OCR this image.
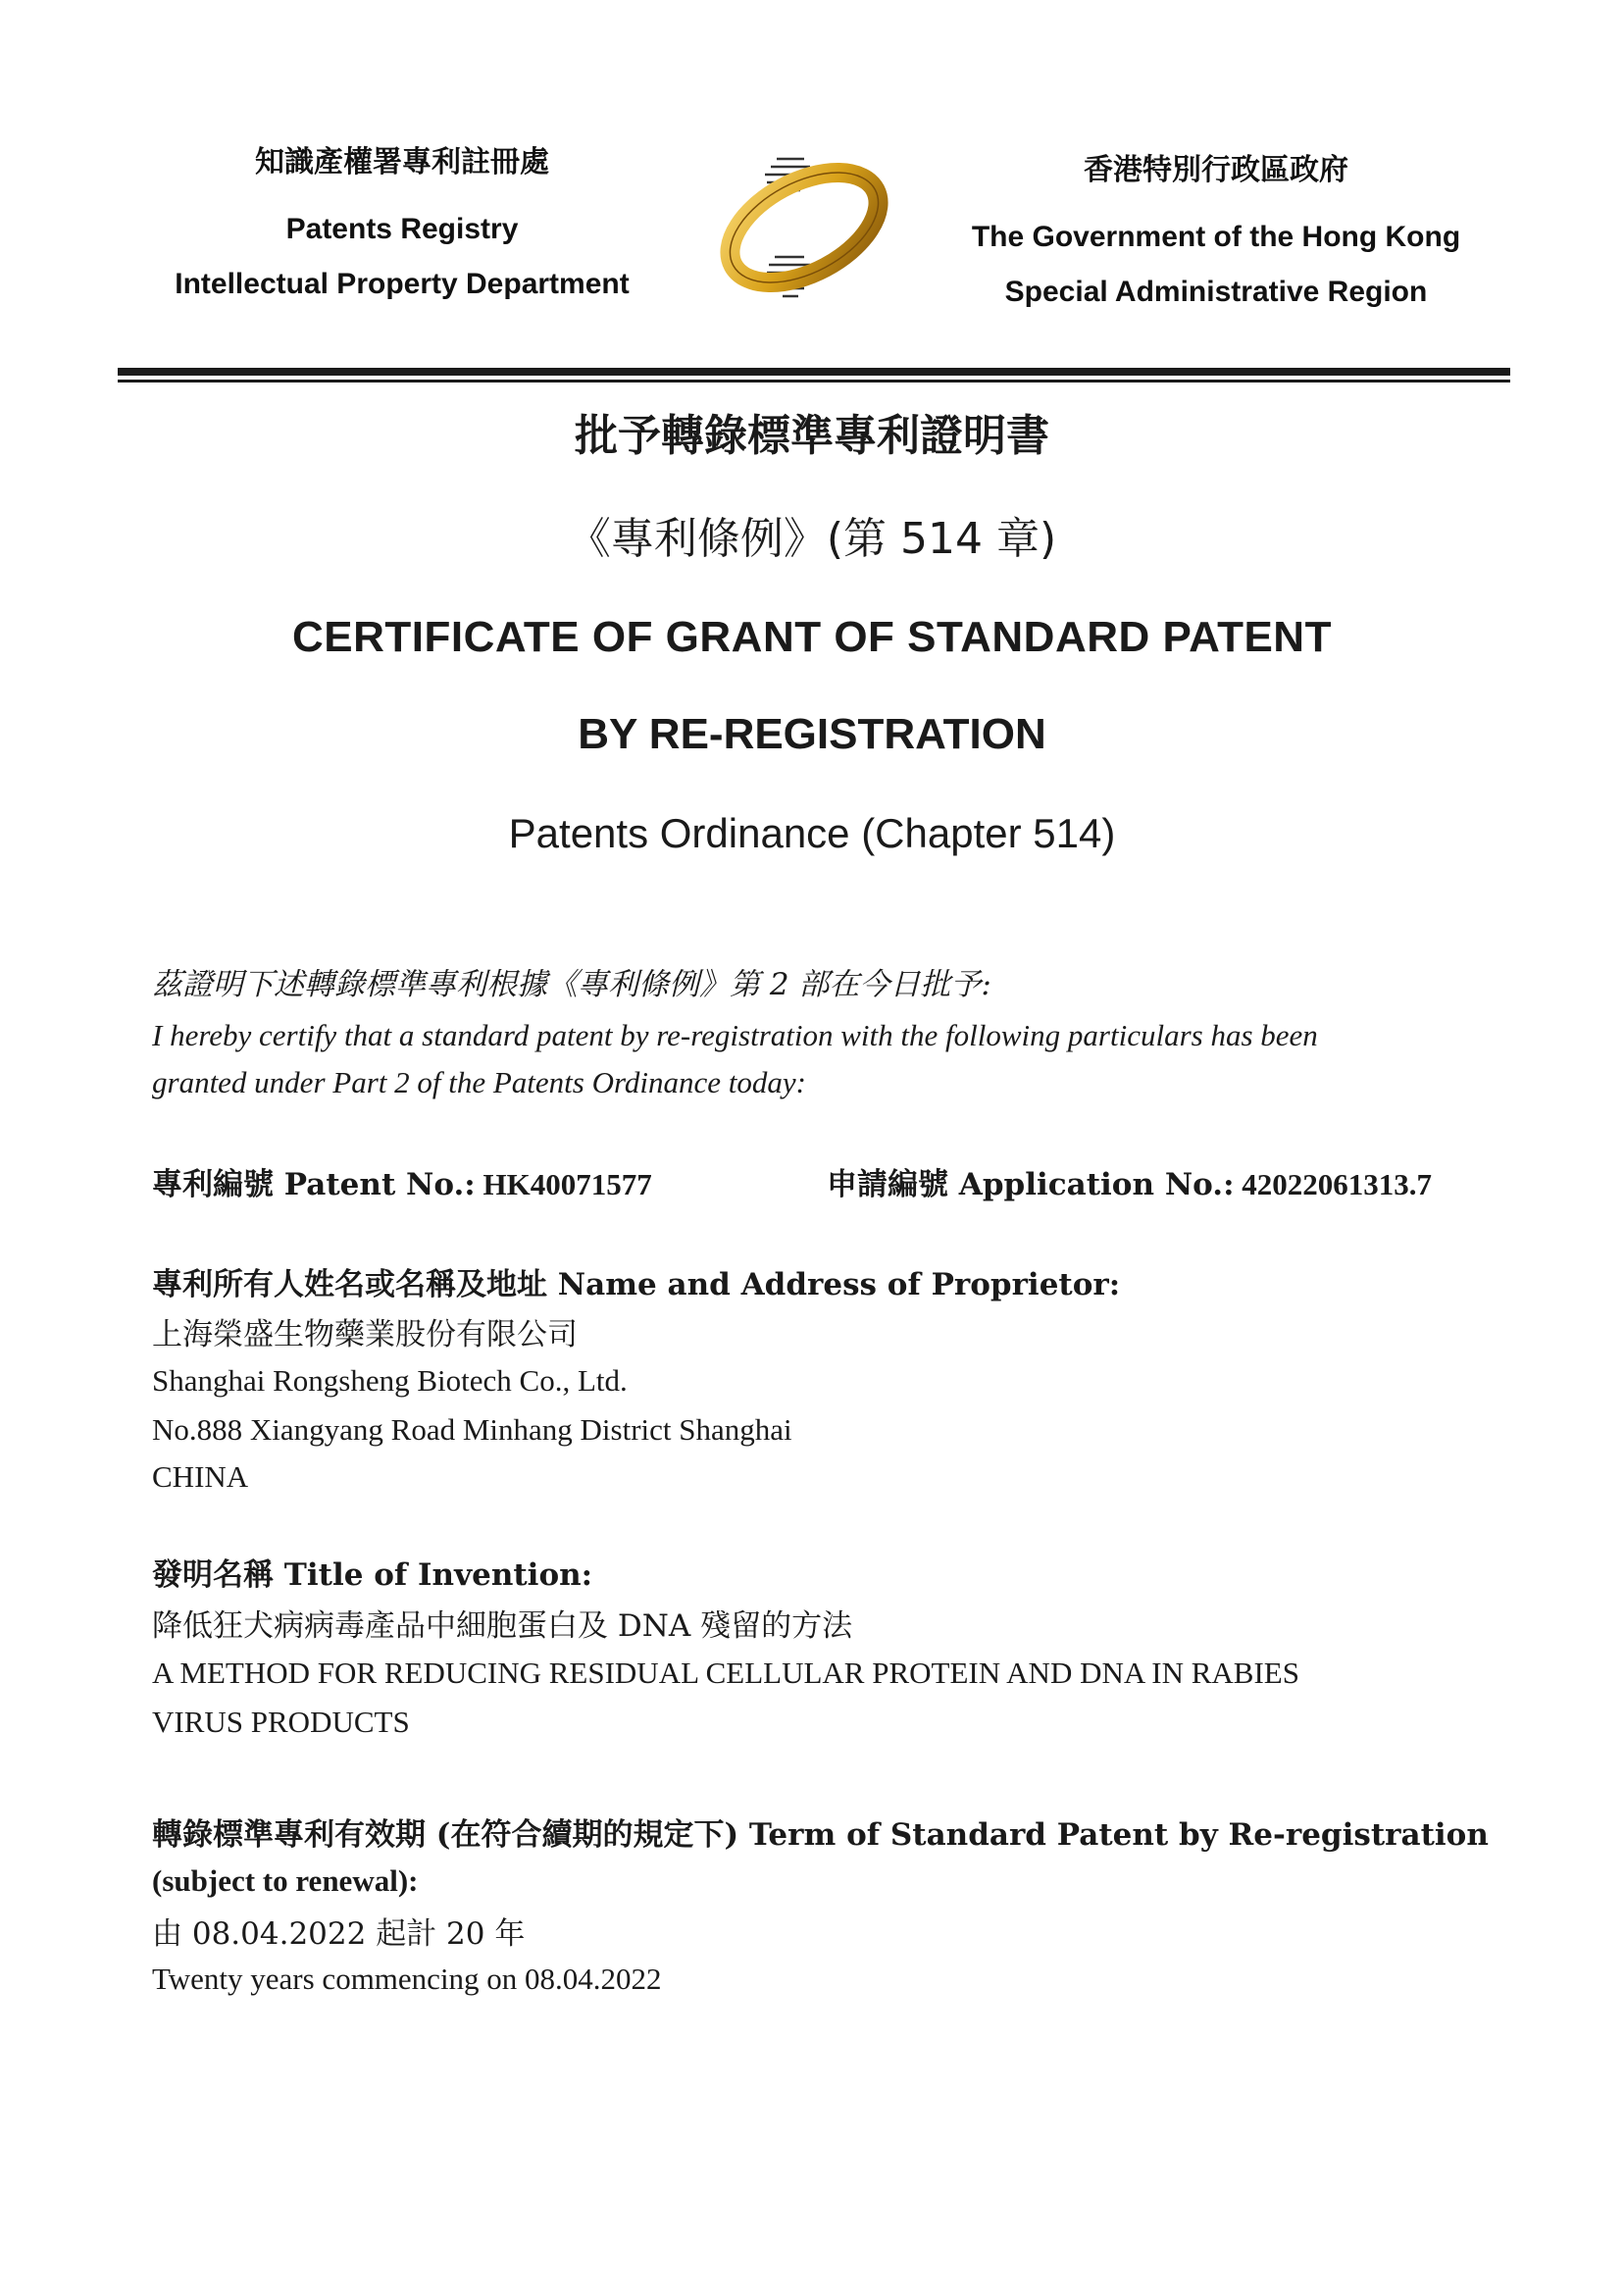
知識產權署專利註冊處
Patents Registry
Intellectual Property Department
香港特別行政區政府
The Government of the Hong Kong
Special Administrative Region
批予轉錄標準專利證明書
《專利條例》(第 514 章)
CERTIFICATE OF GRANT OF STANDARD PATENT
BY RE-REGISTRATION
Patents Ordinance (Chapter 514)
茲證明下述轉錄標準專利根據《專利條例》第 2 部在今日批予:
I hereby certify that a standard patent by re-registration with the following particulars has been
granted under Part 2 of the Patents Ordinance today:
專利編號 Patent No.: HK40071577	申請編號 Application No.: 42022061313.7
專利所有人姓名或名稱及地址 Name and Address of Proprietor:
上海榮盛生物藥業股份有限公司
Shanghai Rongsheng Biotech Co., Ltd.
No.888 Xiangyang Road Minhang District Shanghai
CHINA
發明名稱 Title of Invention:
降低狂犬病病毒產品中細胞蛋白及 DNA 殘留的方法
A METHOD FOR REDUCING RESIDUAL CELLULAR PROTEIN AND DNA IN RABIES
VIRUS PRODUCTS
轉錄標準專利有效期 (在符合續期的規定下) Term of Standard Patent by Re-registration
(subject to renewal):
由 08.04.2022 起計 20 年
Twenty years commencing on 08.04.2022
